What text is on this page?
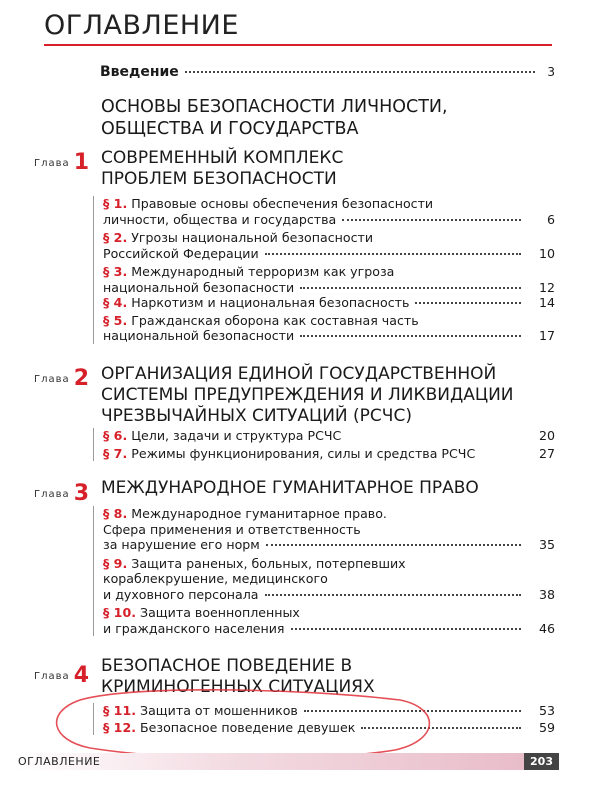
ОГЛАВЛЕНИЕ
Введение	3
ОСНОВЫ БЕЗОПАСНОСТИ ЛИЧНОСТИ, ОБЩЕСТВА И ГОСУДАРСТВА
Глава 1 СОВРЕМЕННЫЙ КОМПЛЕКС ПРОБЛЕМ БЕЗОПАСНОСТИ
§ 1. Правовые основы обеспечения безопасности
личности, общества и государства	6
§ 2. Угрозы национальной безопасности
Российской Федерации	10
§ 3. Международный терроризм как угроза
национальной безопасности	12
§ 4. Наркотизм и национальная безопасность	14
§ 5. Гражданская оборона как составная часть
национальной безопасности	17
Глава 2 ОРГАНИЗАЦИЯ ЕДИНОЙ ГОСУДАРСТВЕННОЙ СИСТЕМЫ ПРЕДУПРЕЖДЕНИЯ И ЛИКВИДАЦИИ ЧРЕЗВЫЧАЙНЫХ СИТУАЦИЙ (РСЧС)
§ 6. Цели, задачи и структура РСЧС	20
§ 7. Режимы функционирования, силы и средства РСЧС	27
Глава 3 МЕЖДУНАРОДНОЕ ГУМАНИТАРНОЕ ПРАВО
§ 8. Международное гуманитарное право.
Сфера применения и ответственность
за нарушение его норм	35
§ 9. Защита раненых, больных, потерпевших
кораблекрушение, медицинского
и духовного персонала	38
§ 10. Защита военнопленных
и гражданского населения	46
Глава 4 БЕЗОПАСНОЕ ПОВЕДЕНИЕ В КРИМИНОГЕННЫХ СИТУАЦИЯХ
§ 11. Защита от мошенников	53
§ 12. Безопасное поведение девушек	59
ОГЛАВЛЕНИЕ	203
